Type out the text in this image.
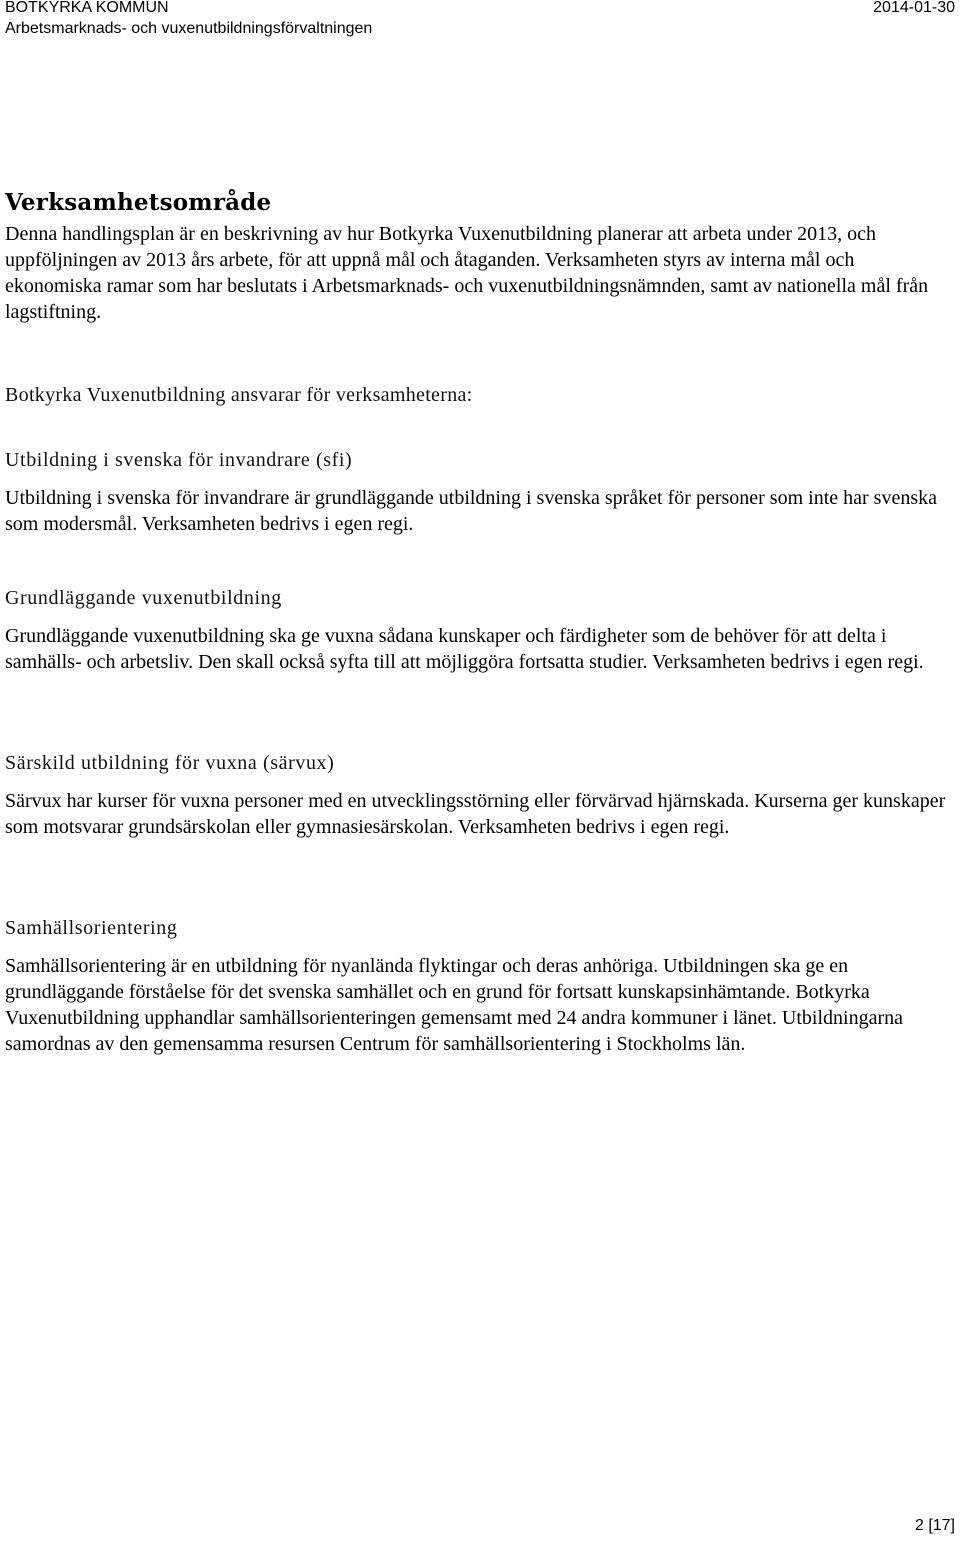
BOTKYRKA KOMMUN
Arbetsmarknads- och vuxenutbildningsförvaltningen
2014-01-30
Verksamhetsområde

Denna handlingsplan är en beskrivning av hur Botkyrka Vuxenutbildning planerar att arbeta under 2013, och uppföljningen av 2013 års arbete, för att uppnå mål och åtaganden. Verksamheten styrs av interna mål och ekonomiska ramar som har beslutats i Arbetsmarknads- och vuxenutbildningsnämnden, samt av nationella mål från lagstiftning.

Botkyrka Vuxenutbildning ansvarar för verksamheterna:

Utbildning i svenska för invandrare (sfi)

Utbildning i svenska för invandrare är grundläggande utbildning i svenska språket för personer som inte har svenska som modersmål. Verksamheten bedrivs i egen regi.

Grundläggande vuxenutbildning

Grundläggande vuxenutbildning ska ge vuxna sådana kunskaper och färdigheter som de behöver för att delta i samhälls- och arbetsliv. Den skall också syfta till att möjliggöra fortsatta studier. Verksamheten bedrivs i egen regi.

Särskild utbildning för vuxna (särvux)

Särvux har kurser för vuxna personer med en utvecklingsstörning eller förvärvad hjärnskada. Kurserna ger kunskaper som motsvarar grundsärskolan eller gymnasiesärskolan. Verksamheten bedrivs i egen regi.

Samhällsorientering

Samhällsorientering är en utbildning för nyanlända flyktingar och deras anhöriga. Utbildningen ska ge en grundläggande förståelse för det svenska samhället och en grund för fortsatt kunskapsinhämtande. Botkyrka Vuxenutbildning upphandlar samhällsorienteringen gemensamt med 24 andra kommuner i länet. Utbildningarna samordnas av den gemensamma resursen Centrum för samhällsorientering i Stockholms län.

2 [17]
